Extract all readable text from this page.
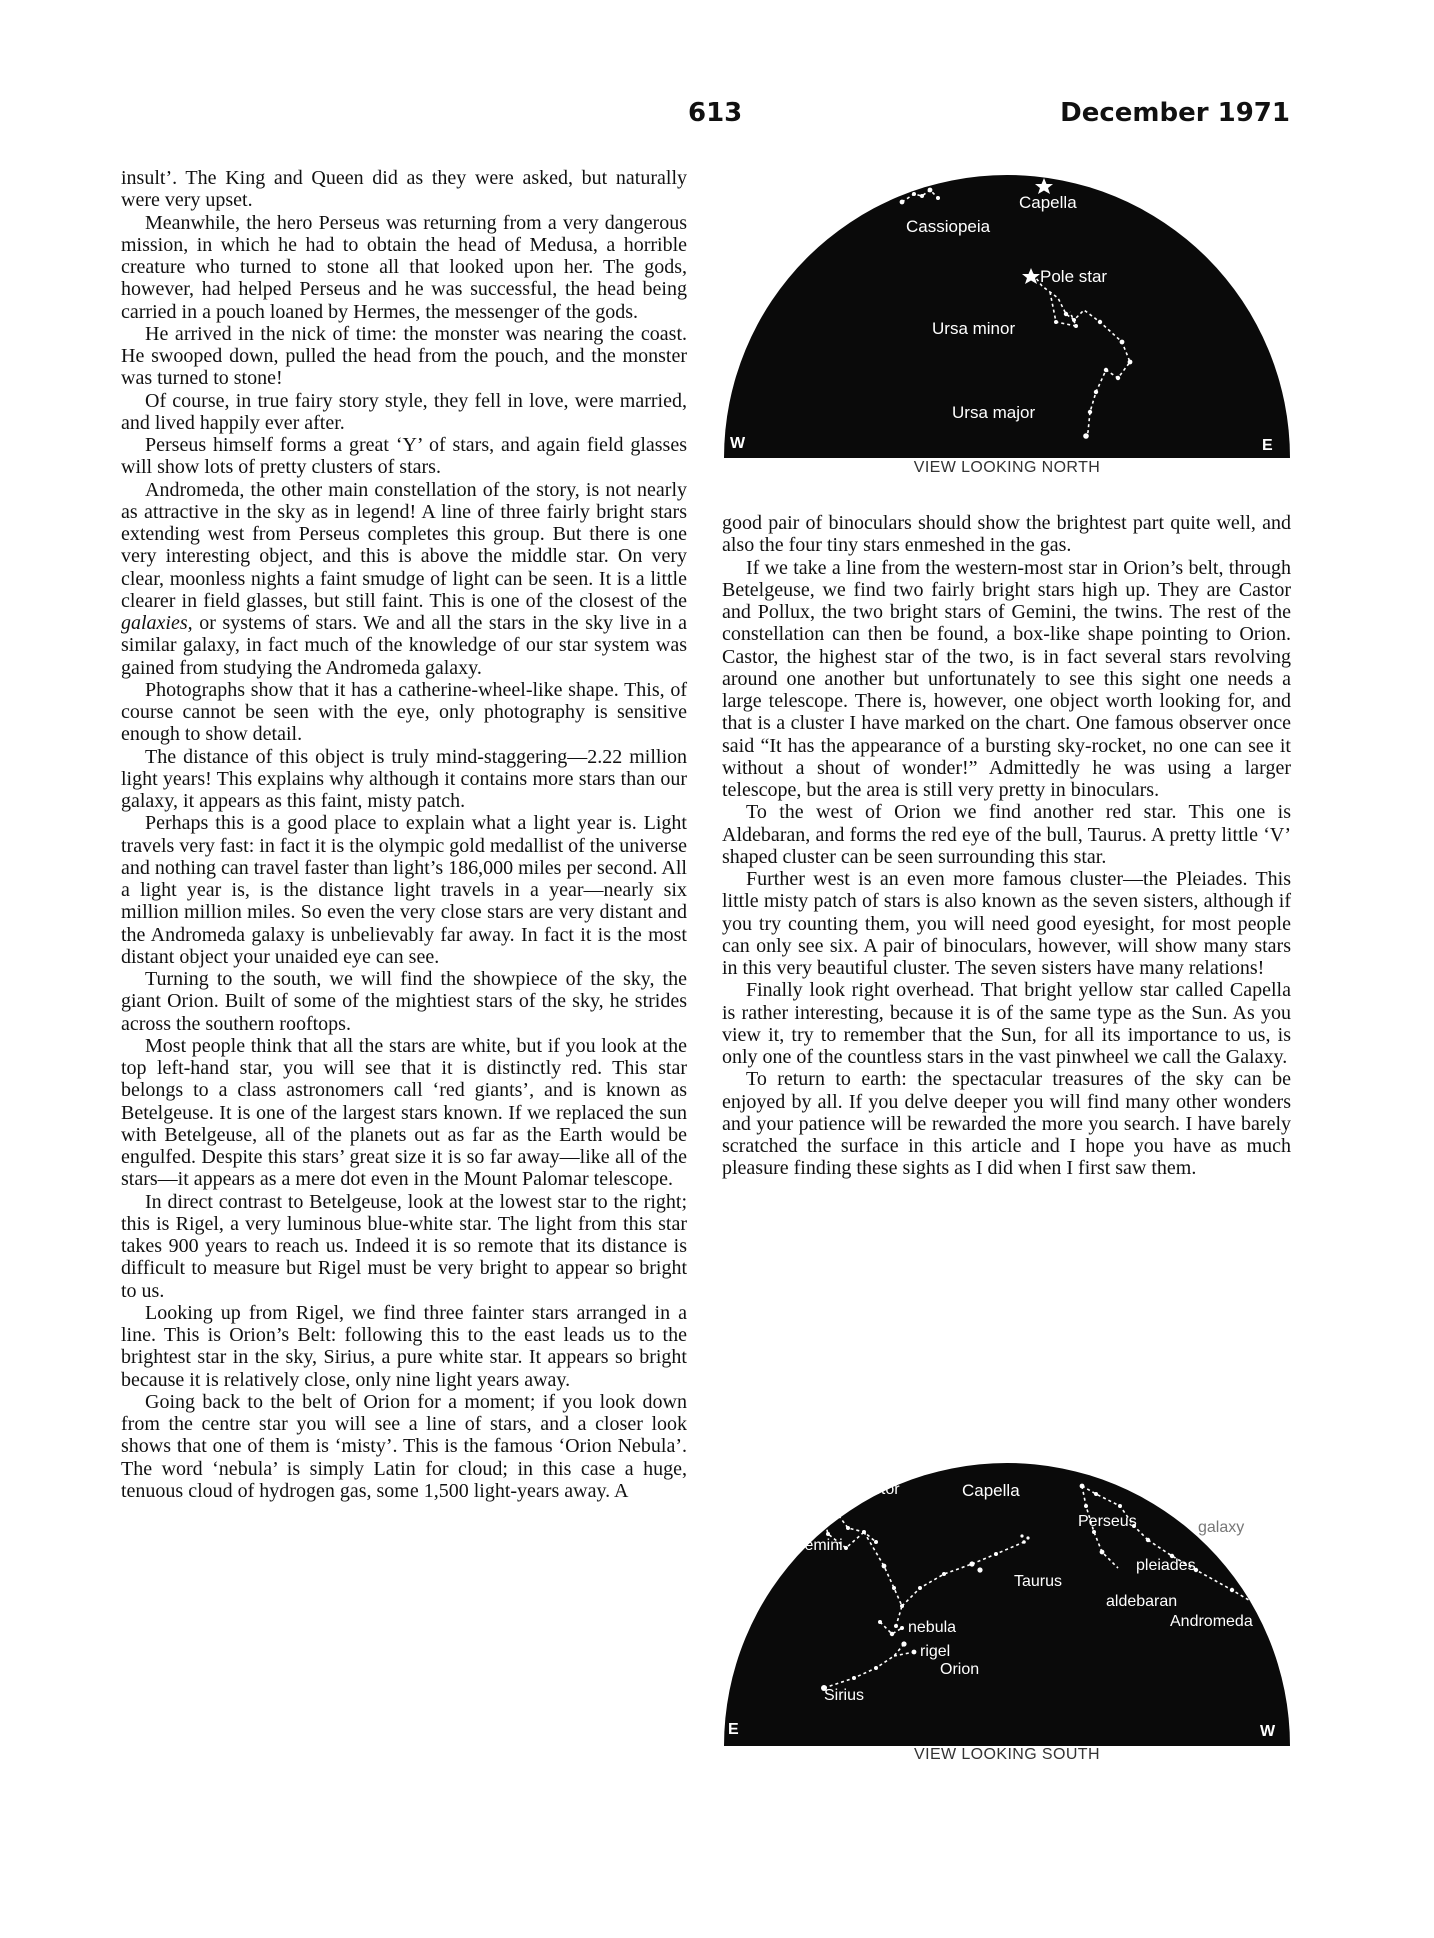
613	December 1971

insult’. The King and Queen did as they were asked, but naturally were very upset.

Meanwhile, the hero Perseus was returning from a very dangerous mission, in which he had to obtain the head of Medusa, a horrible creature who turned to stone all that looked upon her. The gods, however, had helped Perseus and he was successful, the head being carried in a pouch loaned by Hermes, the messenger of the gods.

He arrived in the nick of time: the monster was nearing the coast. He swooped down, pulled the head from the pouch, and the monster was turned to stone!

Of course, in true fairy story style, they fell in love, were married, and lived happily ever after.

Perseus himself forms a great ‘Y’ of stars, and again field glasses will show lots of pretty clusters of stars.

Andromeda, the other main constellation of the story, is not nearly as attractive in the sky as in legend! A line of three fairly bright stars extending west from Perseus completes this group. But there is one very interesting object, and this is above the middle star. On very clear, moonless nights a faint smudge of light can be seen. It is a little clearer in field glasses, but still faint. This is one of the closest of the galaxies, or systems of stars. We and all the stars in the sky live in a similar galaxy, in fact much of the knowledge of our star system was gained from studying the Andromeda galaxy.

Photographs show that it has a catherine-wheel-like shape. This, of course cannot be seen with the eye, only photography is sensitive enough to show detail.

The distance of this object is truly mind-staggering—2.22 million light years! This explains why although it contains more stars than our galaxy, it appears as this faint, misty patch.

Perhaps this is a good place to explain what a light year is. Light travels very fast: in fact it is the olympic gold medallist of the universe and nothing can travel faster than light’s 186,000 miles per second. All a light year is, is the distance light travels in a year—nearly six million million miles. So even the very close stars are very distant and the Andromeda galaxy is unbelievably far away. In fact it is the most distant object your unaided eye can see.

Turning to the south, we will find the showpiece of the sky, the giant Orion. Built of some of the mightiest stars of the sky, he strides across the southern rooftops.

Most people think that all the stars are white, but if you look at the top left-hand star, you will see that it is distinctly red. This star belongs to a class astronomers call ‘red giants’, and is known as Betelgeuse. It is one of the largest stars known. If we replaced the sun with Betelgeuse, all of the planets out as far as the Earth would be engulfed. Despite this stars’ great size it is so far away—like all of the stars—it appears as a mere dot even in the Mount Palomar telescope.

In direct contrast to Betelgeuse, look at the lowest star to the right; this is Rigel, a very luminous blue-white star. The light from this star takes 900 years to reach us. Indeed it is so remote that its distance is difficult to measure but Rigel must be very bright to appear so bright to us.

Looking up from Rigel, we find three fainter stars arranged in a line. This is Orion’s Belt: following this to the east leads us to the brightest star in the sky, Sirius, a pure white star. It appears so bright because it is relatively close, only nine light years away.

Going back to the belt of Orion for a moment; if you look down from the centre star you will see a line of stars, and a closer look shows that one of them is ‘misty’. This is the famous ‘Orion Nebula’. The word ‘nebula’ is simply Latin for cloud; in this case a huge, tenuous cloud of hydrogen gas, some 1,500 light-years away. A

Capella
Cassiopeia
Pole star
Ursa minor
Ursa major
W	E
VIEW LOOKING NORTH

good pair of binoculars should show the brightest part quite well, and also the four tiny stars enmeshed in the gas.

If we take a line from the western-most star in Orion’s belt, through Betelgeuse, we find two fairly bright stars high up. They are Castor and Pollux, the two bright stars of Gemini, the twins. The rest of the constellation can then be found, a box-like shape pointing to Orion. Castor, the highest star of the two, is in fact several stars revolving around one another but unfortunately to see this sight one needs a large telescope. There is, however, one object worth looking for, and that is a cluster I have marked on the chart. One famous observer once said “It has the appearance of a bursting sky-rocket, no one can see it without a shout of wonder!” Admittedly he was using a larger telescope, but the area is still very pretty in binoculars.

To the west of Orion we find another red star. This one is Aldebaran, and forms the red eye of the bull, Taurus. A pretty little ‘V’ shaped cluster can be seen surrounding this star.

Further west is an even more famous cluster—the Pleiades. This little misty patch of stars is also known as the seven sisters, although if you try counting them, you will need good eyesight, for most people can only see six. A pair of binoculars, however, will show many stars in this very beautiful cluster. The seven sisters have many relations!

Finally look right overhead. That bright yellow star called Capella is rather interesting, because it is of the same type as the Sun. As you view it, try to remember that the Sun, for all its importance to us, is only one of the countless stars in the vast pinwheel we call the Galaxy.

To return to earth: the spectacular treasures of the sky can be enjoyed by all. If you delve deeper you will find many other wonders and your patience will be rewarded the more you search. I have barely scratched the surface in this article and I hope you have as much pleasure finding these sights as I did when I first saw them.

castor	Capella
pollux
Gemini
Perseus	galaxy
pleiades
Taurus
aldebaran
Andromeda
nebula
rigel
Orion
Sirius
E	W
VIEW LOOKING SOUTH
